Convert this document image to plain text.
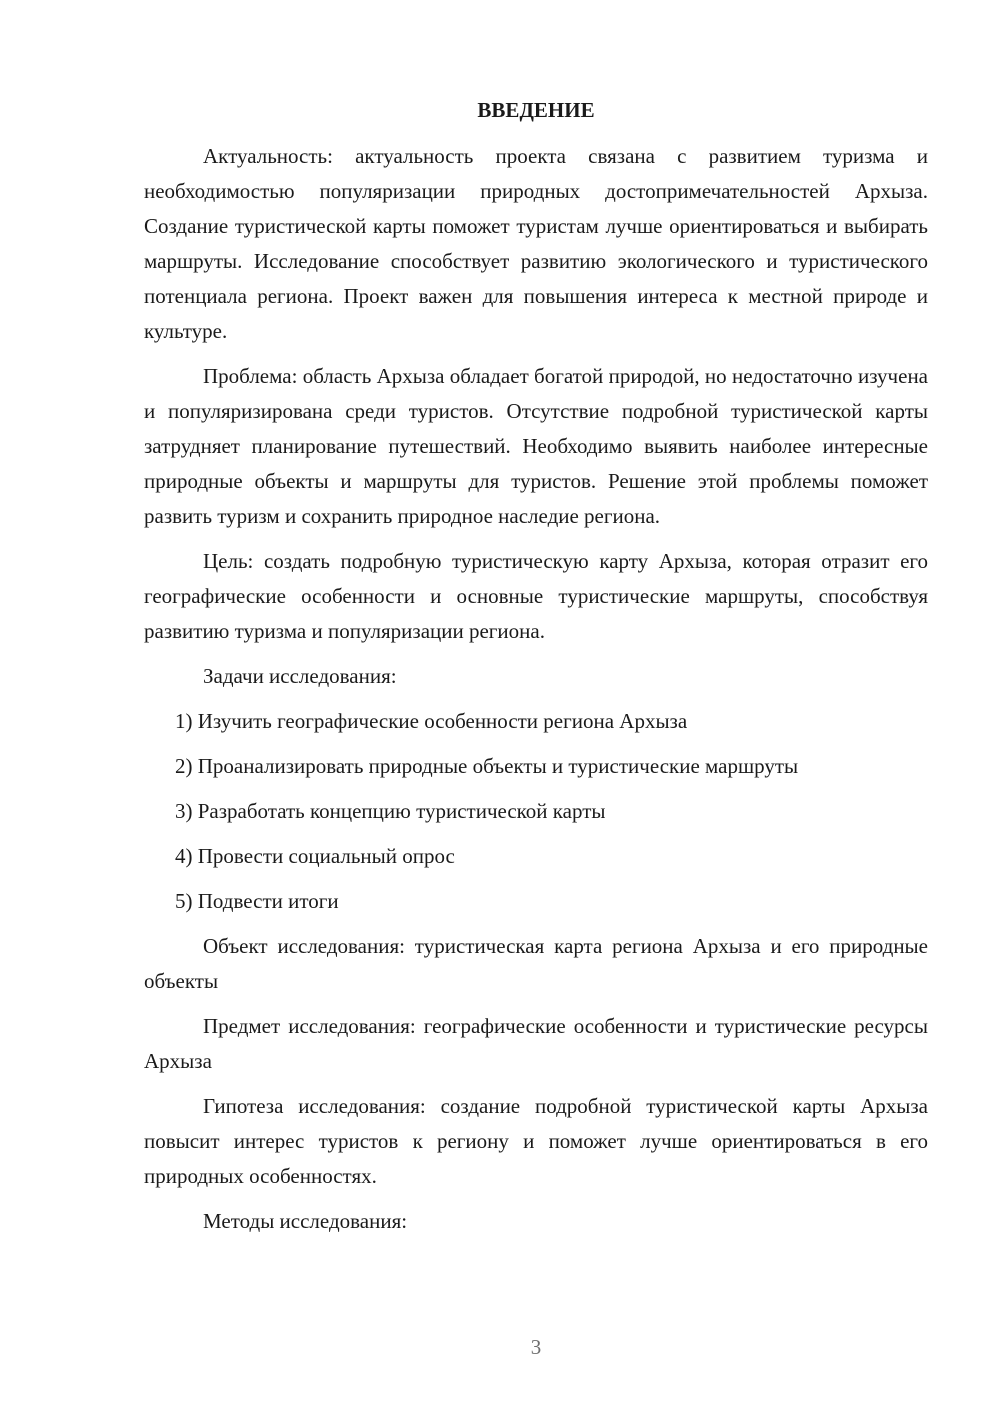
ВВЕДЕНИЕ

Актуальность: актуальность проекта связана с развитием туризма и необходимостью популяризации природных достопримечательностей Архыза. Создание туристической карты поможет туристам лучше ориентироваться и выбирать маршруты. Исследование способствует развитию экологического и туристического потенциала региона. Проект важен для повышения интереса к местной природе и культуре.

Проблема: область Архыза обладает богатой природой, но недостаточно изучена и популяризирована среди туристов. Отсутствие подробной туристической карты затрудняет планирование путешествий. Необходимо выявить наиболее интересные природные объекты и маршруты для туристов. Решение этой проблемы поможет развить туризм и сохранить природное наследие региона.

Цель: создать подробную туристическую карту Архыза, которая отразит его географические особенности и основные туристические маршруты, способствуя развитию туризма и популяризации региона.

Задачи исследования:

1) Изучить географические особенности региона Архыза

2) Проанализировать природные объекты и туристические маршруты

3) Разработать концепцию туристической карты

4) Провести социальный опрос

5) Подвести итоги

Объект исследования: туристическая карта региона Архыза и его природные объекты

Предмет исследования: географические особенности и туристические ресурсы Архыза

Гипотеза исследования: создание подробной туристической карты Архыза повысит интерес туристов к региону и поможет лучше ориентироваться в его природных особенностях.

Методы исследования:

3
